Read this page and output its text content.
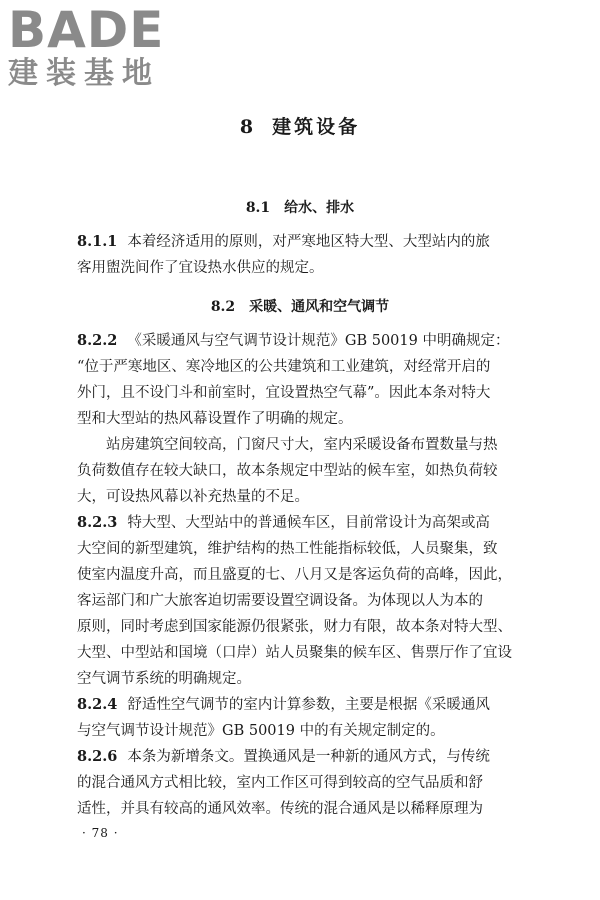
BADE
建装基地
8 建筑设备
8.1 给水、排水
8.1.1 本着经济适用的原则，对严寒地区特大型、大型站内的旅
客用盥洗间作了宜设热水供应的规定。
8.2 采暖、通风和空气调节
8.2.2 《采暖通风与空气调节设计规范》GB 50019 中明确规定：
“位于严寒地区、寒冷地区的公共建筑和工业建筑，对经常开启的
外门，且不设门斗和前室时，宜设置热空气幕”。因此本条对特大
型和大型站的热风幕设置作了明确的规定。
站房建筑空间较高，门窗尺寸大，室内采暖设备布置数量与热
负荷数值存在较大缺口，故本条规定中型站的候车室，如热负荷较
大，可设热风幕以补充热量的不足。
8.2.3 特大型、大型站中的普通候车区，目前常设计为高架或高
大空间的新型建筑，维护结构的热工性能指标较低，人员聚集，致
使室内温度升高，而且盛夏的七、八月又是客运负荷的高峰，因此，
客运部门和广大旅客迫切需要设置空调设备。为体现以人为本的
原则，同时考虑到国家能源仍很紧张，财力有限，故本条对特大型、
大型、中型站和国境（口岸）站人员聚集的候车区、售票厅作了宜设
空气调节系统的明确规定。
8.2.4 舒适性空气调节的室内计算参数，主要是根据《采暖通风
与空气调节设计规范》GB 50019 中的有关规定制定的。
8.2.6 本条为新增条文。置换通风是一种新的通风方式，与传统
的混合通风方式相比较，室内工作区可得到较高的空气品质和舒
适性，并具有较高的通风效率。传统的混合通风是以稀释原理为
· 78 ·
